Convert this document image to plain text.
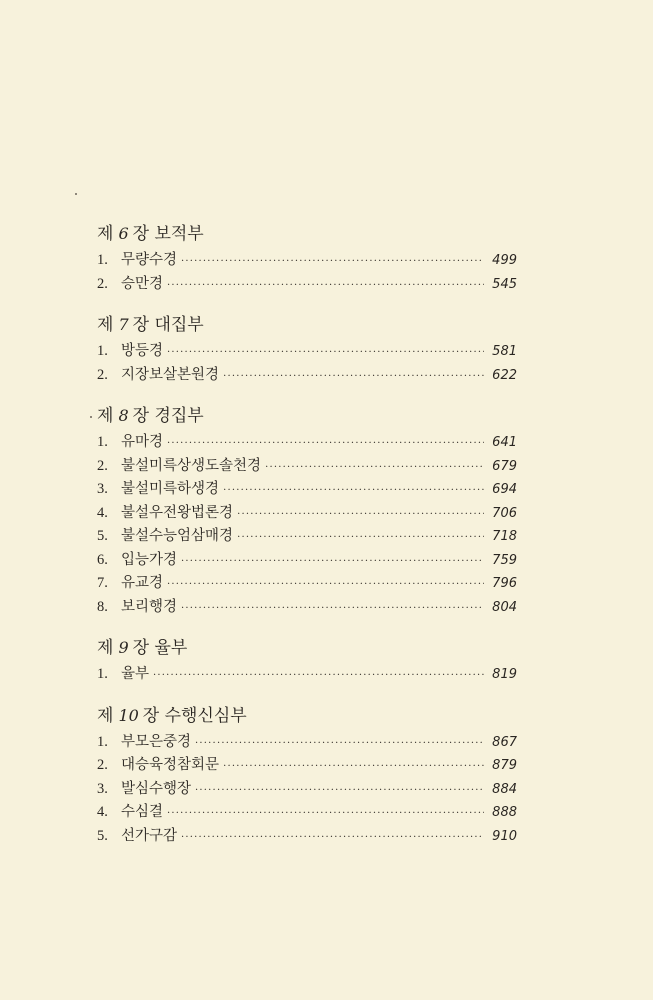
제 6 장 보적부
1. 무량수경 ·····	499
2. 승만경 ·····	545
제 7 장 대집부
1. 방등경 ·····	581
2. 지장보살본원경 ·····	622
제 8 장 경집부
1. 유마경 ·····	641
2. 불설미륵상생도솔천경 ·····	679
3. 불설미륵하생경 ·····	694
4. 불설우전왕법론경 ·····	706
5. 불설수능엄삼매경 ·····	718
6. 입능가경 ·····	759
7. 유교경 ·····	796
8. 보리행경 ·····	804
제 9 장 율부
1. 율부 ·····	819
제 10 장 수행신심부
1. 부모은중경 ·····	867
2. 대승육정참회문 ·····	879
3. 발심수행장 ·····	884
4. 수심결 ·····	888
5. 선가구감 ·····	910
